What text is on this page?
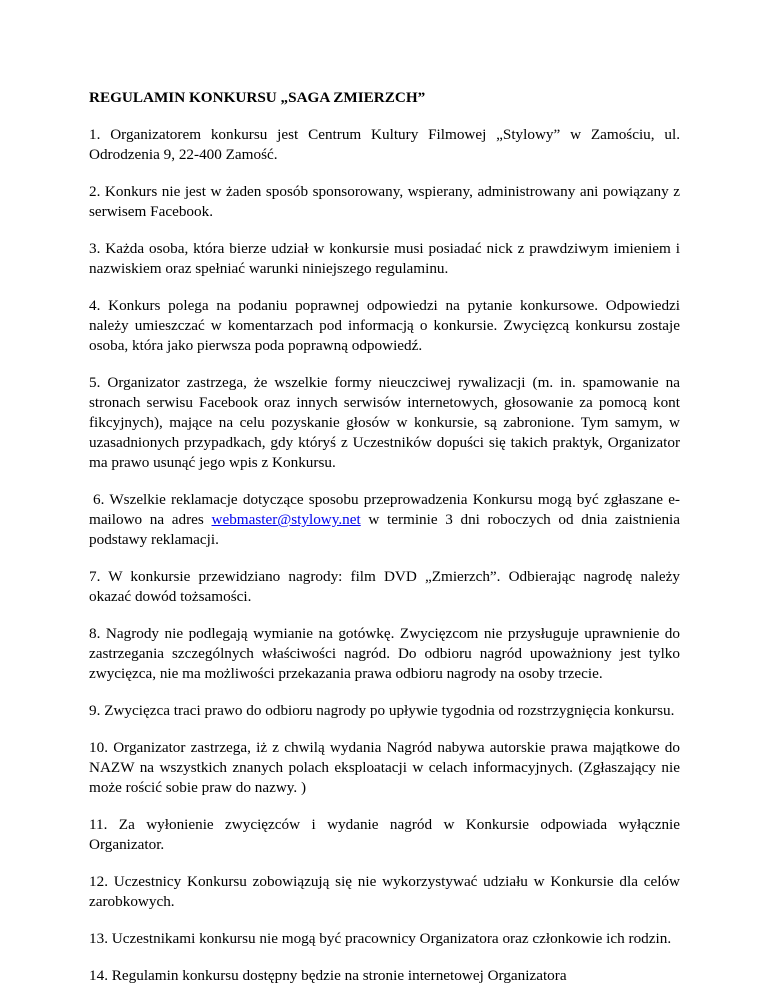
REGULAMIN KONKURSU „SAGA ZMIERZCH”
1. Organizatorem konkursu jest Centrum Kultury Filmowej „Stylowy” w Zamościu, ul. Odrodzenia 9, 22-400 Zamość.
2. Konkurs nie jest w żaden sposób sponsorowany, wspierany, administrowany ani powiązany z serwisem Facebook.
3. Każda osoba, która bierze udział w konkursie musi posiadać nick z prawdziwym imieniem i nazwiskiem oraz spełniać warunki niniejszego regulaminu.
4. Konkurs polega na podaniu poprawnej odpowiedzi na pytanie konkursowe. Odpowiedzi należy umieszczać w komentarzach pod informacją o konkursie. Zwycięzcą konkursu zostaje osoba, która jako pierwsza poda poprawną odpowiedź.
5. Organizator zastrzega, że wszelkie formy nieuczciwej rywalizacji (m. in. spamowanie na stronach serwisu Facebook oraz innych serwisów internetowych, głosowanie za pomocą kont fikcyjnych), mające na celu pozyskanie głosów w konkursie, są zabronione. Tym samym, w uzasadnionych przypadkach, gdy któryś z Uczestników dopuści się takich praktyk, Organizator ma prawo usunąć jego wpis z Konkursu.
6. Wszelkie reklamacje dotyczące sposobu przeprowadzenia Konkursu mogą być zgłaszane e-mailowo na adres webmaster@stylowy.net w terminie 3 dni roboczych od dnia zaistnienia podstawy reklamacji.
7. W konkursie przewidziano nagrody: film DVD „Zmierzch”. Odbierając nagrodę należy okazać dowód tożsamości.
8. Nagrody nie podlegają wymianie na gotówkę. Zwycięzcom nie przysługuje uprawnienie do zastrzegania szczególnych właściwości nagród. Do odbioru nagród upoważniony jest tylko zwycięzca, nie ma możliwości przekazania prawa odbioru nagrody na osoby trzecie.
9. Zwycięzca traci prawo do odbioru nagrody po upływie tygodnia od rozstrzygnięcia konkursu.
10. Organizator zastrzega, iż z chwilą wydania Nagród nabywa autorskie prawa majątkowe do NAZW na wszystkich znanych polach eksploatacji w celach informacyjnych. (Zgłaszający nie może rościć sobie praw do nazwy. )
11. Za wyłonienie zwycięzców i wydanie nagród w Konkursie odpowiada wyłącznie Organizator.
12. Uczestnicy Konkursu zobowiązują się nie wykorzystywać udziału w Konkursie dla celów zarobkowych.
13. Uczestnikami konkursu nie mogą być pracownicy Organizatora oraz członkowie ich rodzin.
14. Regulamin konkursu dostępny będzie na stronie internetowej Organizatora
